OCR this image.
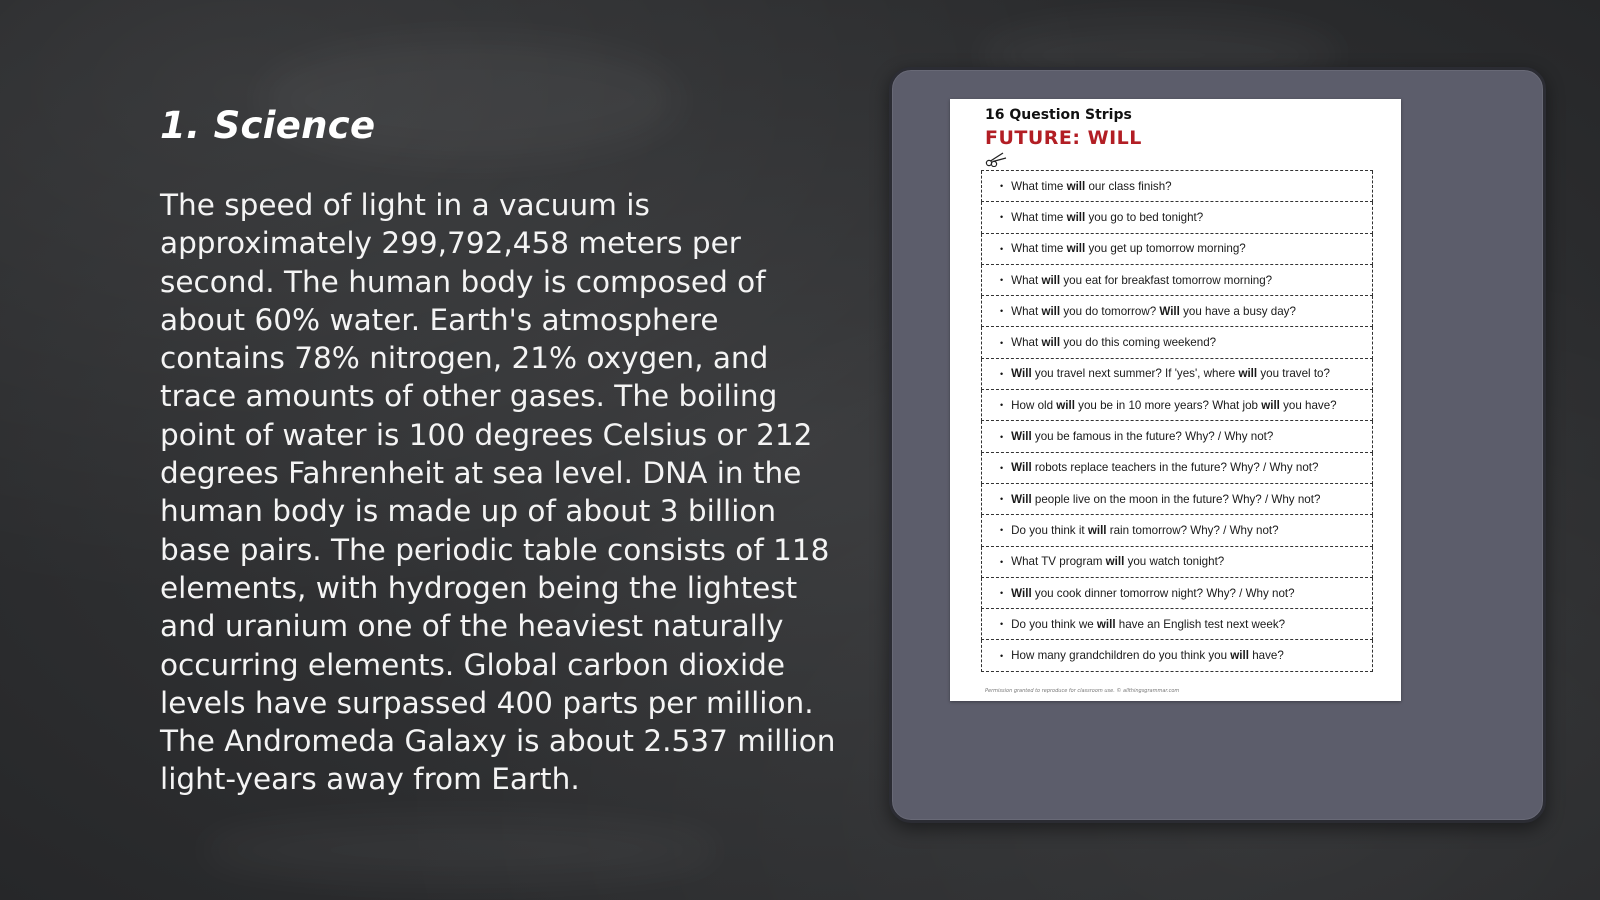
1. Science

The speed of light in a vacuum is approximately 299,792,458 meters per second. The human body is composed of about 60% water. Earth's atmosphere contains 78% nitrogen, 21% oxygen, and trace amounts of other gases. The boiling point of water is 100 degrees Celsius or 212 degrees Fahrenheit at sea level. DNA in the human body is made up of about 3 billion base pairs. The periodic table consists of 118 elements, with hydrogen being the lightest and uranium one of the heaviest naturally occurring elements. Global carbon dioxide levels have surpassed 400 parts per million. The Andromeda Galaxy is about 2.537 million light-years away from Earth.

16 Question Strips

FUTURE: WILL

• What time will our class finish?
• What time will you go to bed tonight?
• What time will you get up tomorrow morning?
• What will you eat for breakfast tomorrow morning?
• What will you do tomorrow? Will you have a busy day?
• What will you do this coming weekend?
• Will you travel next summer? If 'yes', where will you travel to?
• How old will you be in 10 more years? What job will you have?
• Will you be famous in the future? Why? / Why not?
• Will robots replace teachers in the future? Why? / Why not?
• Will people live on the moon in the future? Why? / Why not?
• Do you think it will rain tomorrow? Why? / Why not?
• What TV program will you watch tonight?
• Will you cook dinner tomorrow night? Why? / Why not?
• Do you think we will have an English test next week?
• How many grandchildren do you think you will have?

Permission granted to reproduce for classroom use. © allthingsgrammar.com
